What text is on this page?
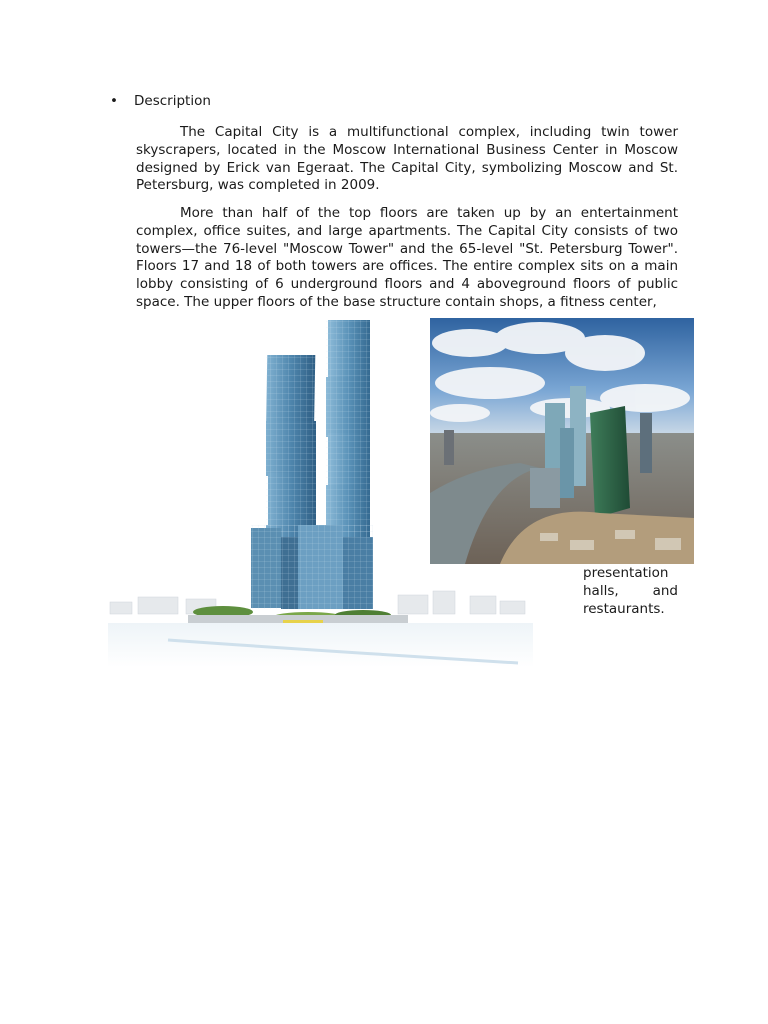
• Description

The Capital City is a multifunctional complex, including twin tower skyscrapers, located in the Moscow International Business Center in Moscow designed by Erick van Egeraat. The Capital City, symbolizing Moscow and St. Petersburg, was completed in 2009.

More than half of the top floors are taken up by an entertainment complex, office suites, and large apartments. The Capital City consists of two towers—the 76-level "Moscow Tower" and the 65-level "St. Petersburg Tower". Floors 17 and 18 of both towers are offices. The entire complex sits on a main lobby consisting of 6 underground floors and 4 aboveground floors of public space. The upper floors of the base structure contain shops, a fitness center,

presentation
halls,	and
restaurants.
